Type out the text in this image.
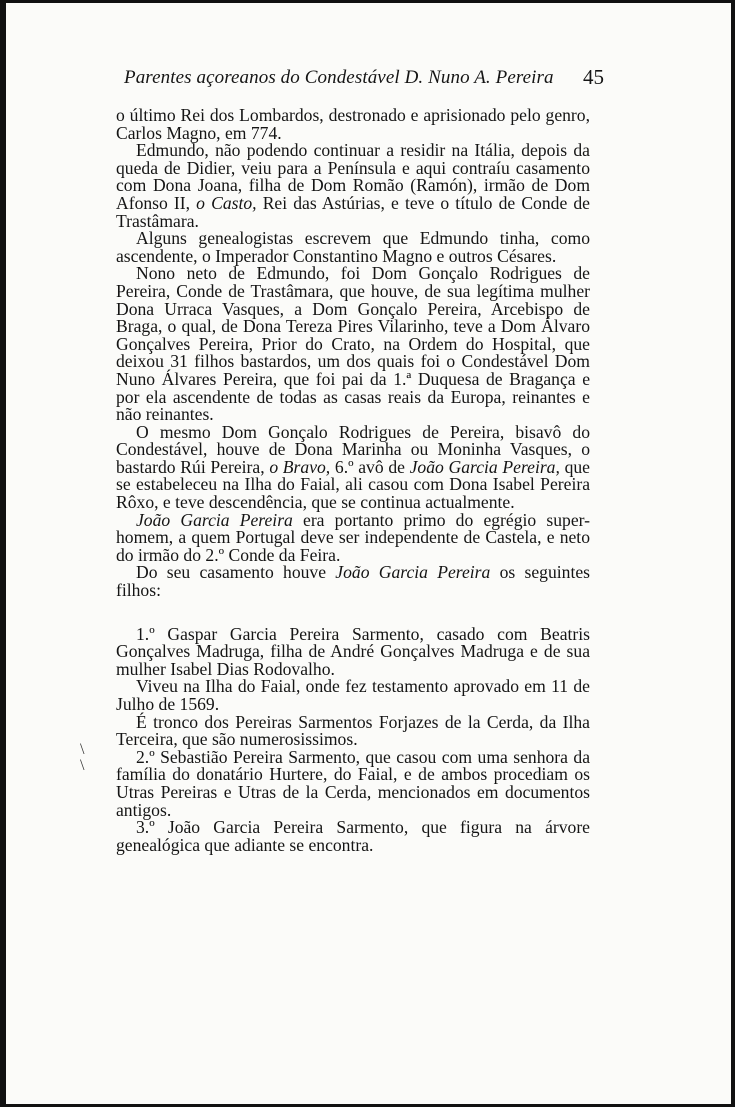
Parentes açoreanos do Condestável D. Nuno A. Pereira 45

o último Rei dos Lombardos, destronado e aprisionado pelo genro, Carlos Magno, em 774.

Edmundo, não podendo continuar a residir na Itália, depois da queda de Didier, veiu para a Península e aqui contraíu casamento com Dona Joana, filha de Dom Romão (Ramón), irmão de Dom Afonso II, o Casto, Rei das Astúrias, e teve o título de Conde de Trastâmara.

Alguns genealogistas escrevem que Edmundo tinha, como ascendente, o Imperador Constantino Magno e outros Césares.

Nono neto de Edmundo, foi Dom Gonçalo Rodrigues de Pereira, Conde de Trastâmara, que houve, de sua legítima mulher Dona Urraca Vasques, a Dom Gonçalo Pereira, Arcebispo de Braga, o qual, de Dona Tereza Pires Vilarinho, teve a Dom Álvaro Gonçalves Pereira, Prior do Crato, na Ordem do Hospital, que deixou 31 filhos bastardos, um dos quais foi o Condestável Dom Nuno Álvares Pereira, que foi pai da 1.ª Duquesa de Bragança e por ela ascendente de todas as casas reais da Europa, reinantes e não reinantes.

O mesmo Dom Gonçalo Rodrigues de Pereira, bisavô do Condestável, houve de Dona Marinha ou Moninha Vasques, o bastardo Rúi Pereira, o Bravo, 6.º avô de João Garcia Pereira, que se estabeleceu na Ilha do Faial, ali casou com Dona Isabel Pereira Rôxo, e teve descendência, que se continua actualmente.

João Garcia Pereira era portanto primo do egrégio super-homem, a quem Portugal deve ser independente de Castela, e neto do irmão do 2.º Conde da Feira.

Do seu casamento houve João Garcia Pereira os seguintes filhos:

1.º Gaspar Garcia Pereira Sarmento, casado com Beatris Gonçalves Madruga, filha de André Gonçalves Madruga e de sua mulher Isabel Dias Rodovalho.

Viveu na Ilha do Faial, onde fez testamento aprovado em 11 de Julho de 1569.

É tronco dos Pereiras Sarmentos Forjazes de la Cerda, da Ilha Terceira, que são numerosissimos.

2.º Sebastião Pereira Sarmento, que casou com uma senhora da família do donatário Hurtere, do Faial, e de ambos procediam os Utras Pereiras e Utras de la Cerda, mencionados em documentos antigos.

3.º João Garcia Pereira Sarmento, que figura na árvore genealógica que adiante se encontra.

\
\
